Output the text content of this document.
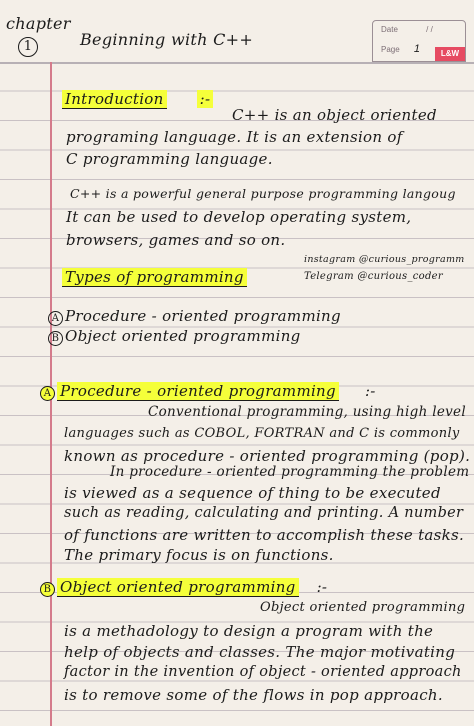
chapter
1	Beginning with C++
Date	/ /
Page 1	L&W
Introduction :-
C++ is an object oriented
programing language. It is an extension of
C programming language.
C++ is a powerful general purpose programming langoug
It can be used to develop operating system,
browsers, games and so on.
instagram @curious_programm
Telegram @curious_coder
Types of programming
A Procedure - oriented programming
B Object oriented programming
A Procedure - oriented programming :-
Conventional programming, using high level
languages such as COBOL, FORTRAN and C is commonly
known as procedure - oriented programming (pop).
In procedure - oriented programming the problem
is viewed as a sequence of thing to be executed
such as reading, calculating and printing. A number
of functions are written to accomplish these tasks.
The primary focus is on functions.
B Object oriented programming :-
Object oriented programming
is a methadology to design a program with the
help of objects and classes. The major motivating
factor in the invention of object - oriented approach
is to remove some of the flows in pop approach.
